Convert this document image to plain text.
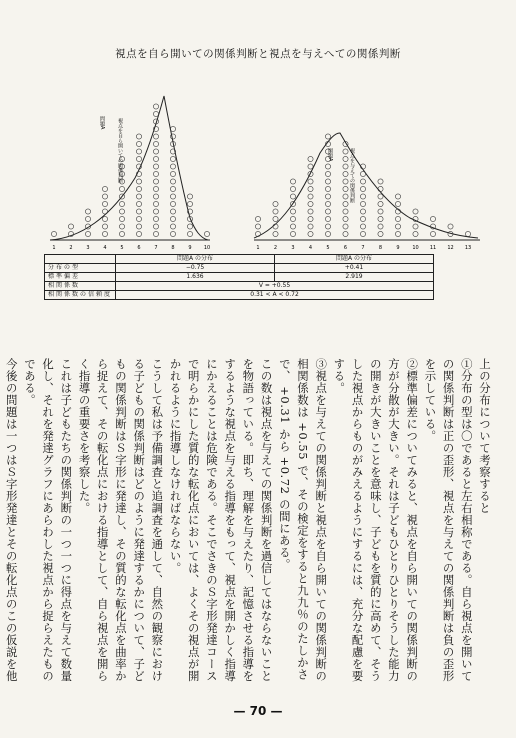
視点を自ら開いての関係判断と視点を与えへての関係判断
1	2	3	4	5	6	7	8	9 10
視点を自ら開いての関係判断
問題A
1	2	3	4	5	6	7	8	9	10 11 12 13
視点を与えての関係判断
問題A
	問題A の分布	問題A の分布
分布の型	−0.75	+0.41
標準偏差	1.636	2.919
相関係数	V = +0.55	
相関係数の信頼度	0.31 < A < 0.72	

上の分布について考察すると

①分布の型は〇であると左右相称である。自ら視点を開いての関係判断は正の歪形、視点を与えての関係判断は負の歪形を示している。

②標準偏差についてみると、視点を自ら開いての関係判断の方が分散が大きい。それは子どもひとりひとりそうした能力の開きが大きいことを意味し、子どもを質的に高めて、そうした視点からものがみえるようにするには、充分な配慮を要する。

③視点を与えての関係判断と視点を自ら開いての関係判断の相関係数は +0.55 で、その検定をすると九九％のたしかさで、 +0.31 から +0.72 の間にある。

この数は視点を与えての関係判断を過信してはならないことを物語っている。即ち、理解を与えたり、記憶させる指導をするような視点を与える指導をもって、視点を開かしく指導にかえることは危険である。そこでさきのＳ字形発達コースで明らかにした質的な転化点においては、よくその視点が開かれるように指導しなければならない。

こうして私は予備調査と追調査を通して、自然の観察における子どもの関係判断はどのように発達するかについて、子どもの関係判断はＳ字形に発達し、その質的な転化点を曲率から捉えて、その転化点における指導として、自ら視点を開らく指導の重要さを考察した。

これは子どもたちの関係判断の一つ一つに得点を与えて数量化し、それを発達グラフにあらわした視点から捉らえたものである。

今後の問題は一つはＳ字形発達とその転化点のこの仮説を他

— 70 —
